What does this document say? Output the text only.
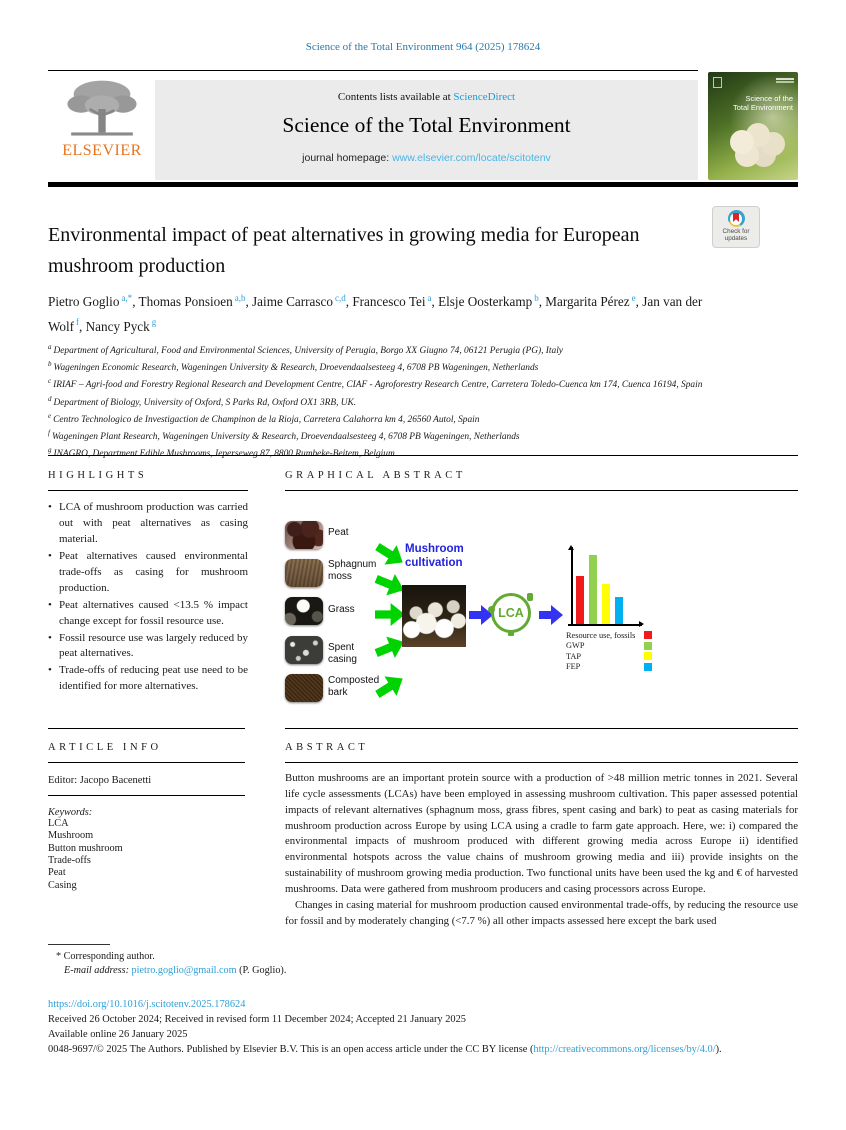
Science of the Total Environment 964 (2025) 178624
ELSEVIER
Contents lists available at ScienceDirect
Science of the Total Environment
journal homepage: www.elsevier.com/locate/scitotenv
Science of the
Total Environment
Check for
updates
Environmental impact of peat alternatives in growing media for European mushroom production
Pietro Goglio $^{a,*}$, Thomas Ponsioen $^{a,b}$, Jaime Carrasco $^{c,d}$, Francesco Tei $^a$, Elsje Oosterkamp $^b$, Margarita Pérez $^e$, Jan van der Wolf $^f$, Nancy Pyck $^g$
$^a$ Department of Agricultural, Food and Environmental Sciences, University of Perugia, Borgo XX Giugno 74, 06121 Perugia (PG), Italy
$^b$ Wageningen Economic Research, Wageningen University & Research, Droevendaalsesteeg 4, 6708 PB Wageningen, Netherlands
$^c$ IRIAF – Agri-food and Forestry Regional Research and Development Centre, CIAF - Agroforestry Research Centre, Carretera Toledo-Cuenca km 174, Cuenca 16194, Spain
$^d$ Department of Biology, University of Oxford, S Parks Rd, Oxford OX1 3RB, UK.
$^e$ Centro Technologico de Investigaction de Champinon de la Rioja, Carretera Calahorra km 4, 26560 Autol, Spain
$^f$ Wageningen Plant Research, Wageningen University & Research, Droevendaalsesteeg 4, 6708 PB Wageningen, Netherlands
$^g$ INAGRO, Department Edible Mushrooms, Ieperseweg 87, 8800 Rumbeke-Beitem, Belgium
HIGHLIGHTS
• LCA of mushroom production was carried out with peat alternatives as casing material.
• Peat alternatives caused environmental trade-offs as casing for mushroom production.
• Peat alternatives caused <13.5 % impact change except for fossil resource use.
• Fossil resource use was largely reduced by peat alternatives.
• Trade-offs of reducing peat use need to be identified for more alternatives.
GRAPHICAL ABSTRACT
Peat
Sphagnum moss
Grass
Spent casing
Composted bark
Mushroom cultivation
LCA
Resource use, fossils
GWP
TAP
FEP
ARTICLE INFO
Editor: Jacopo Bacenetti
Keywords:
LCA
Mushroom
Button mushroom
Trade-offs
Peat
Casing
ABSTRACT

Button mushrooms are an important protein source with a production of >48 million metric tonnes in 2021. Several life cycle assessments (LCAs) have been employed in assessing mushroom cultivation. This paper assessed potential impacts of relevant alternatives (sphagnum moss, grass fibres, spent casing and bark) to peat as casing materials for mushroom production across Europe by using LCA using a cradle to farm gate approach. Here, we: i) compared the environmental impacts of mushroom produced with different growing media across Europe ii) identified environmental hotspots across the value chains of mushroom growing media and iii) provide insights on the sustainability of mushroom growing media production. Two functional units have been used the kg and € of harvested mushrooms. Data were gathered from mushroom producers and casing processors across Europe.

Changes in casing material for mushroom production caused environmental trade-offs, by reducing the resource use for fossil and by moderately changing (<7.7 %) all other impacts assessed here except the bark used

* Corresponding author.
E-mail address: pietro.goglio@gmail.com (P. Goglio).
https://doi.org/10.1016/j.scitotenv.2025.178624
Received 26 October 2024; Received in revised form 11 December 2024; Accepted 21 January 2025
Available online 26 January 2025
0048-9697/© 2025 The Authors. Published by Elsevier B.V. This is an open access article under the CC BY license (http://creativecommons.org/licenses/by/4.0/).
